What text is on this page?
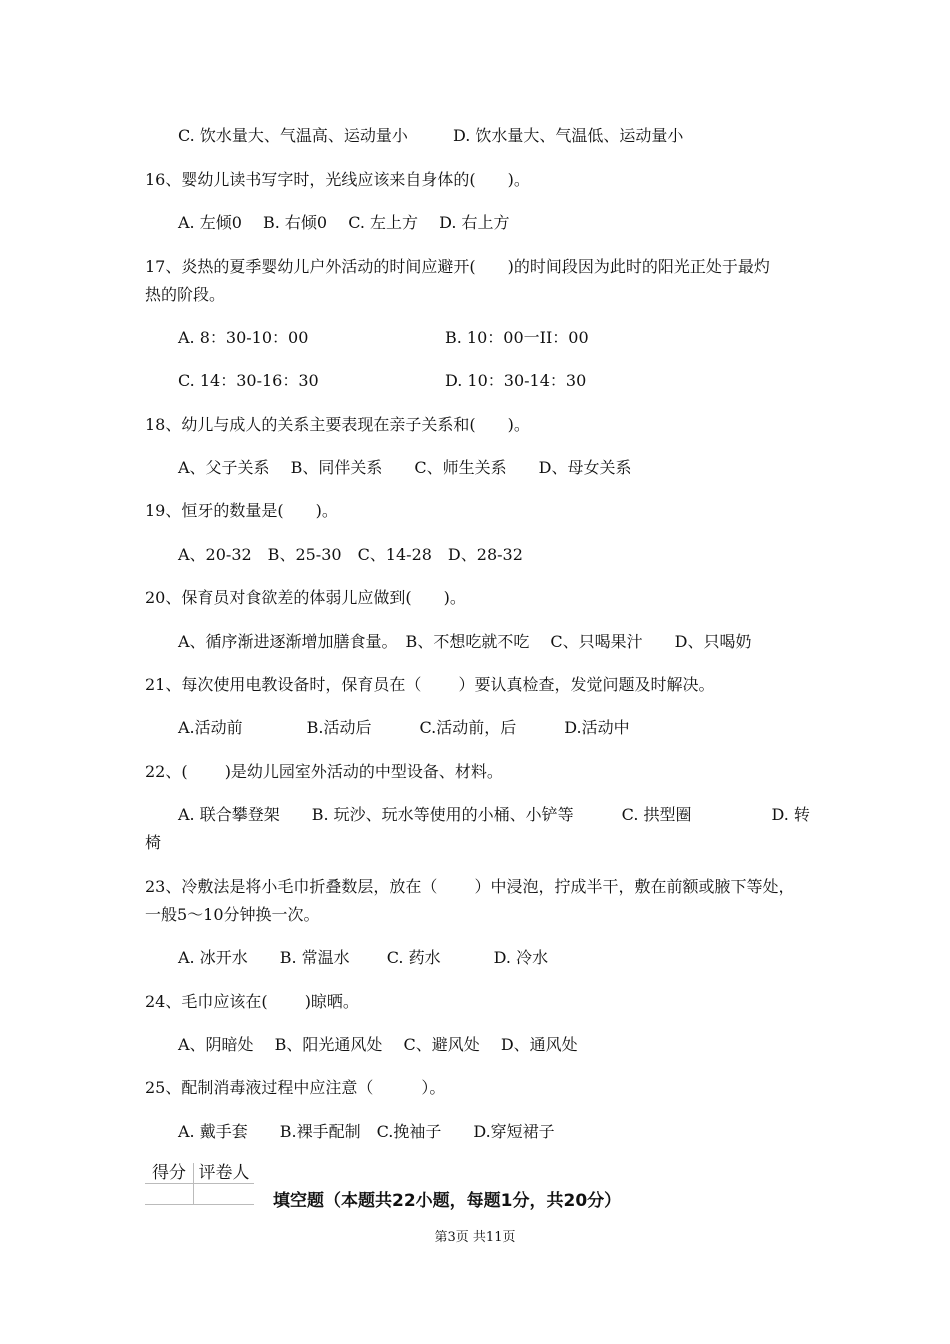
C. 饮水量大、气温高、运动量小	D. 饮水量大、气温低、运动量小
16、婴幼儿读书写字时，光线应该来自身体的(　　)。
A. 左倾0　 B. 右倾0　 C. 左上方　 D. 右上方
17、炎热的夏季婴幼儿户外活动的时间应避开(　　)的时间段因为此时的阳光正处于最灼
热的阶段。
A. 8：30-10：00	B. 10：00一II：00
C. 14：30-16：30	D. 10：30-14：30
18、幼儿与成人的关系主要表现在亲子关系和(　　)。
A、父子关系　 B、同伴关系　　C、师生关系　　D、母女关系
19、恒牙的数量是(　　)。
A、20-32　B、25-30　C、14-28　D、28-32
20、保育员对食欲差的体弱儿应做到(　　)。
A、循序渐进逐渐增加膳食量。　B、不想吃就不吃　 C、只喝果汁　　D、只喝奶
21、每次使用电教设备时，保育员在（　　 ）要认真检查，发觉问题及时解决。
A.活动前　　　　B.活动后　　　C.活动前，后　　　D.活动中
22、(　　 )是幼儿园室外活动的中型设备、材料。
A. 联合攀登架　　B. 玩沙、玩水等使用的小桶、小铲等　　　C. 拱型圈　　　　　D. 转
椅
23、冷敷法是将小毛巾折叠数层，放在（　　 ）中浸泡，拧成半干，敷在前额或腋下等处，
一般5～10分钟换一次。
A. 冰开水　　B. 常温水　　 C. 药水　　　 D. 冷水
24、毛巾应该在(　　 )晾晒。
A、阴暗处　 B、阳光通风处　 C、避风处　 D、通风处
25、配制消毒液过程中应注意（　　　）。
A. 戴手套　　B.裸手配制　C.挽袖子　　D.穿短裙子
得分	评卷人

填空题（本题共22小题，每题1分，共20分）
第3页 共11页
